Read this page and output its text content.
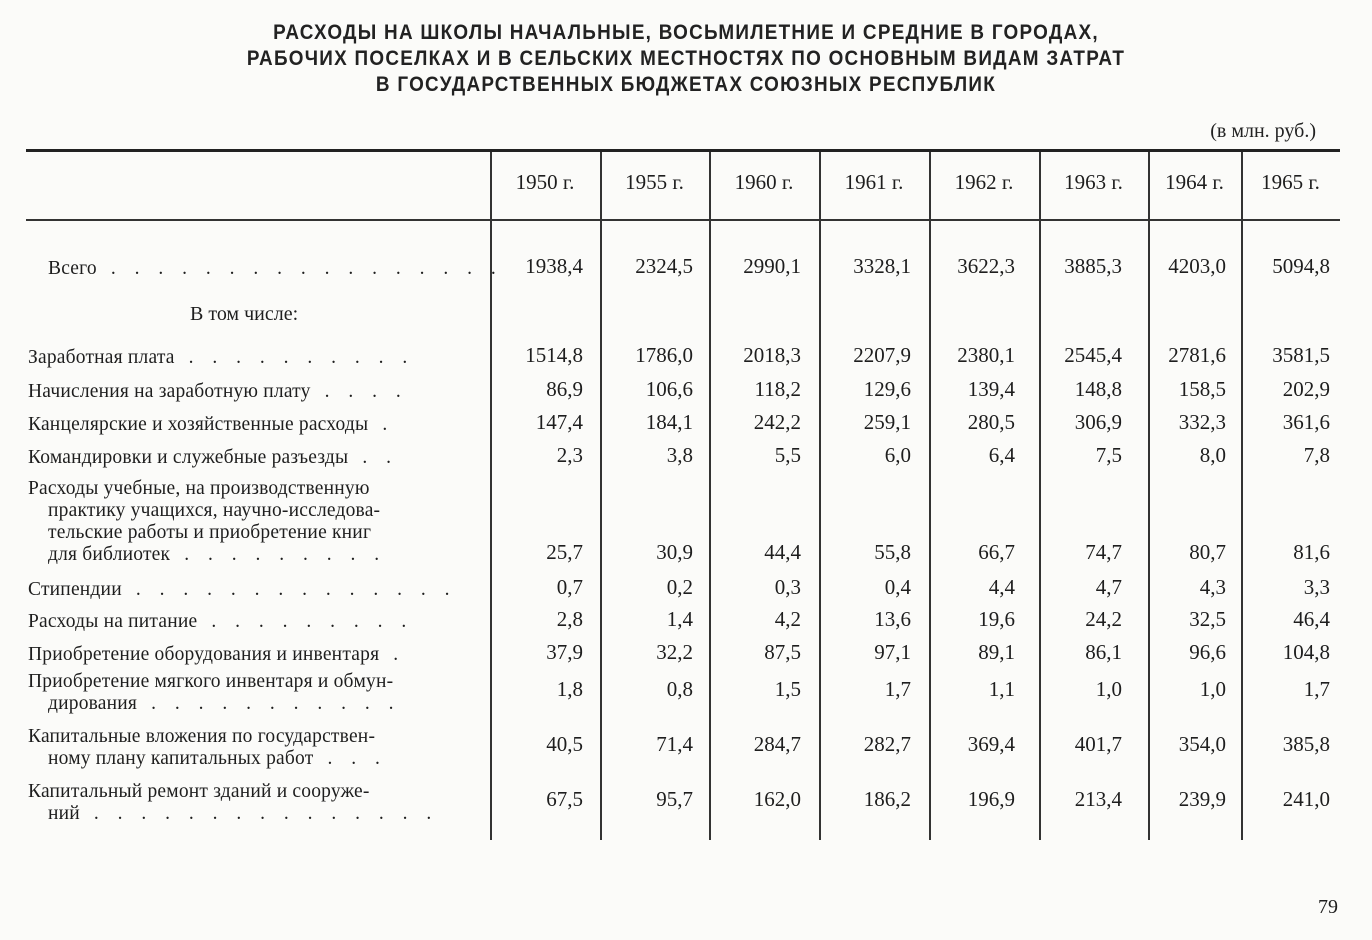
РАСХОДЫ НА ШКОЛЫ НАЧАЛЬНЫЕ, ВОСЬМИЛЕТНИЕ И СРЕДНИЕ В ГОРОДАХ,
РАБОЧИХ ПОСЕЛКАХ И В СЕЛЬСКИХ МЕСТНОСТЯХ ПО ОСНОВНЫМ ВИДАМ ЗАТРАТ
В ГОСУДАРСТВЕННЫХ БЮДЖЕТАХ СОЮЗНЫХ РЕСПУБЛИК
(в млн. руб.)
1950 г.	1955 г.	1960 г.	1961 г.	1962 г.	1963 г.	1964 г.	1965 г.
В том числе:
Всего . . . . . . . . . . . . . . . . .	1938,4	2324,5	2990,1	3328,1	3622,3	3885,3	4203,0	5094,8
Заработная плата . . . . . . . . . .	1514,8	1786,0	2018,3	2207,9	2380,1	2545,4	2781,6	3581,5
Начисления на заработную плату . . . .	86,9	106,6	118,2	129,6	139,4	148,8	158,5	202,9
Канцелярские и хозяйственные расходы .	147,4	184,1	242,2	259,1	280,5	306,9	332,3	361,6
Командировки и служебные разъезды . .	2,3	3,8	5,5	6,0	6,4	7,5	8,0	7,8
Расходы учебные, на производственную
практику учащихся, научно-исследова-
тельские работы и приобретение книг
для библиотек . . . . . . . . .	25,7	30,9	44,4	55,8	66,7	74,7	80,7	81,6
Стипендии . . . . . . . . . . . . . .	0,7	0,2	0,3	0,4	4,4	4,7	4,3	3,3
Расходы на питание . . . . . . . . .	2,8	1,4	4,2	13,6	19,6	24,2	32,5	46,4
Приобретение оборудования и инвентаря .	37,9	32,2	87,5	97,1	89,1	86,1	96,6	104,8
Приобретение мягкого инвентаря и обмун-
дирования . . . . . . . . . . .
1,8	0,8	1,5	1,7	1,1	1,0	1,0	1,7
Капитальные вложения по государствен-
ному плану капитальных работ . . .
40,5	71,4	284,7	282,7	369,4	401,7	354,0	385,8
Капитальный ремонт зданий и сооруже-
ний . . . . . . . . . . . . . . .
67,5	95,7	162,0	186,2	196,9	213,4	239,9	241,0
79
